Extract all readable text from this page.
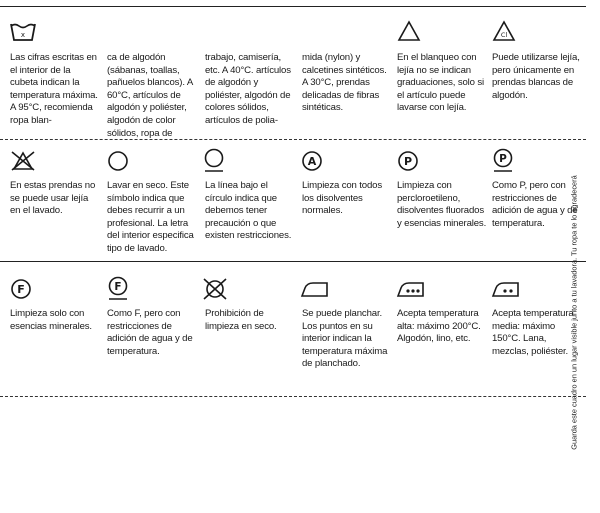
x
Las cifras escritas en el interior de la cubeta indican la temperatura máxima. A 95°C, recomienda ropa blan-
ca de algodón (sábanas, toallas, pañuelos blancos). A 60°C, artículos de algodón y poliéster, algodón de color sólidos, ropa de
trabajo, camisería, etc. A 40°C. artículos de algodón y poliéster, algodón de colores sólidos, artículos de polia-
mida (nylon) y calcetines sintéticos. A 30°C, prendas delicadas de fibras sintéticas.
En el blanqueo con lejía no se indican graduaciones, solo si el artículo puede lavarse con lejía.
Cl
Puede utilizarse lejía, pero únicamente en prendas blancas de algodón.
En estas prendas no se puede usar lejía en el lavado.
Lavar en seco. Este símbolo indica que debes recurrir a un profesional. La letra del interior especifica tipo de lavado.
La línea bajo el círculo indica que debemos tener precaución o que existen restricciones.
A
Limpieza con todos los disolventes normales.
P
Limpieza con percloroetileno, disolventes fluorados y esencias minerales.
P
Como P, pero con restricciones de adición de agua y de temperatura.
F
Limpieza solo con esencias minerales.
F
Como F, pero con restricciones de adición de agua y de temperatura.
Prohibición de limpieza en seco.
Se puede planchar. Los puntos en su interior indican la temperatura máxima de planchado.
Acepta temperatura alta: máximo 200°C. Algodón, lino, etc.
Acepta temperatura media: máximo 150°C. Lana, mezclas, poliéster. Guarda este cuadro en un lugar visible junto a tu lavadora. Tu ropa te lo agradecerá
